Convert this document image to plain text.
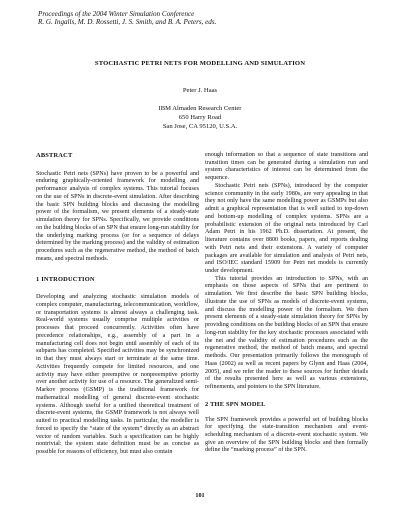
Proceedings of the 2004 Winter Simulation Conference
R. G. Ingalls, M. D. Rossetti, J. S. Smith, and B. A. Peters, eds.
STOCHASTIC PETRI NETS FOR MODELLING AND SIMULATION
Peter J. Haas
IBM Almaden Research Center
650 Harry Road
San Jose, CA 95120, U.S.A.
ABSTRACT

Stochastic Petri nets (SPNs) have proven to be a powerful and enduring graphically-oriented framework for modelling and performance analysis of complex systems. This tutorial focuses on the use of SPNs in discrete-event simulation. After describing the basic SPN building blocks and discussing the modelling power of the formalism, we present elements of a steady-state simulation theory for SPNs. Specifically, we provide conditions on the building blocks of an SPN that ensure long-run stability for the underlying marking process (or for a sequence of delays determined by the marking process) and the validity of estimation procedures such as the regenerative method, the method of batch means, and spectral methods.

1 INTRODUCTION

Developing and analyzing stochastic simulation models of complex computer, manufacturing, telecommunication, workflow, or transportation systems is almost always a challenging task. Real-world systems usually comprise multiple activities or processes that proceed concurrently. Activities often have precedence relationships, e.g., assembly of a part in a manufacturing cell does not begin until assembly of each of its subparts has completed. Specified activities may be synchronized in that they must always start or terminate at the same time. Activities frequently compete for limited resources, and one activity may have either preemptive or nonpreemptive priority over another activity for use of a resource. The generalized semi-Markov process (GSMP) is the traditional framework for mathematical modelling of general discrete-event stochastic systems. Although useful for a unified theoretical treatment of discrete-event systems, the GSMP framework is not always well suited to practical modelling tasks. In particular, the modeller is forced to specify the “state of the system” directly as an abstract vector of random variables. Such a specification can be highly nontrivial: the system state definition must be as concise as possible for reasons of efficiency, but must also contain

enough information so that a sequence of state transitions and transition times can be generated during a simulation run and system characteristics of interest can be determined from the sequence.

Stochastic Petri nets (SPNs), introduced by the computer science community in the early 1980s, are very appealing in that they not only have the same modelling power as GSMPs but also admit a graphical representation that is well suited to top-down and bottom-up modelling of complex systems. SPNs are a probabilistic extension of the original nets introduced by Carl Adam Petri in his 1962 Ph.D. dissertation. At present, the literature contains over 8800 books, papers, and reports dealing with Petri nets and their extensions. A variety of computer packages are available for simulation and analysis of Petri nets, and ISO/IEC standard 15909 for Petri net models is currently under development.

This tutorial provides an introduction to SPNs, with an emphasis on those aspects of SPNs that are pertinent to simulation. We first describe the basic SPN building blocks, illustrate the use of SPNs as models of discrete-event systems, and discuss the modelling power of the formalism. We then present elements of a steady-state simulation theory for SPNs by providing conditions on the building blocks of an SPN that ensure long-run stability for the key stochastic processes associated with the net and the validity of estimation procedures such as the regenerative method, the method of batch means, and spectral methods. Our presentation primarily follows the monograph of Haas (2002) as well as recent papers by Glynn and Haas (2004, 2005), and we refer the reader to these sources for further details of the results presented here as well as various extensions, refinements, and pointers to the SPN literature.

2 THE SPN MODEL

The SPN framework provides a powerful set of building blocks for specifying the state-transition mechanism and event-scheduling mechanism of a discrete-event stochastic system. We give an overview of the SPN building blocks and then formally define the “marking process” of the SPN.

101
